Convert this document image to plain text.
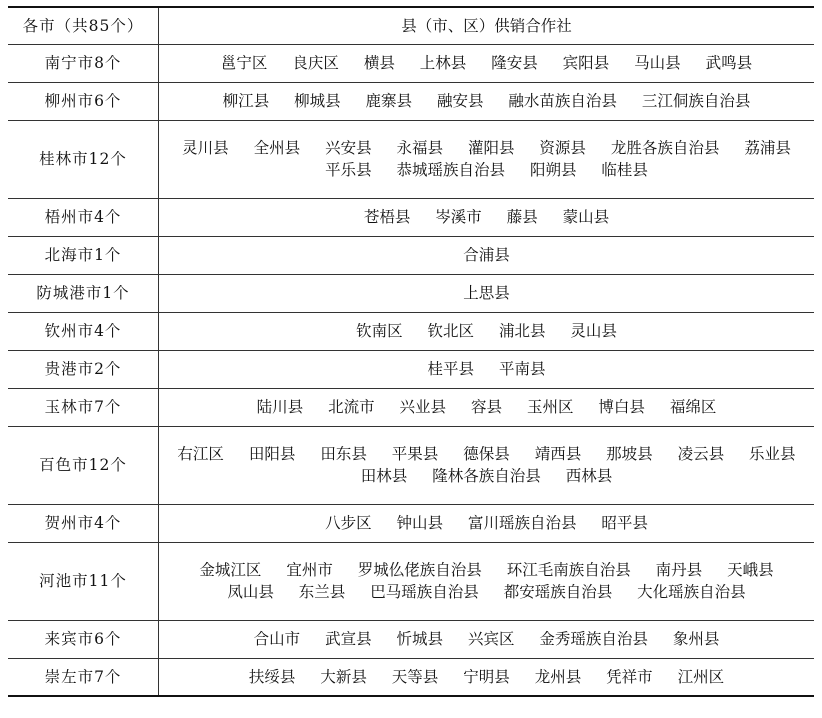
各市（共85个）	县（市、区）供销合作社
南宁市8个	邕宁区 良庆区 横县 上林县 隆安县 宾阳县 马山县 武鸣县
柳州市6个	柳江县 柳城县 鹿寨县 融安县 融水苗族自治县 三江侗族自治县
桂林市12个	灵川县 全州县 兴安县 永福县 灌阳县 资源县 龙胜各族自治县 荔浦县 平乐县 恭城瑶族自治县 阳朔县 临桂县
梧州市4个	苍梧县 岑溪市 藤县 蒙山县
北海市1个	合浦县
防城港市1个	上思县
钦州市4个	钦南区 钦北区 浦北县 灵山县
贵港市2个	桂平县 平南县
玉林市7个	陆川县 北流市 兴业县 容县 玉州区 博白县 福绵区
百色市12个	右江区 田阳县 田东县 平果县 德保县 靖西县 那坡县 凌云县 乐业县 田林县 隆林各族自治县 西林县
贺州市4个	八步区 钟山县 富川瑶族自治县 昭平县
河池市11个	金城江区 宜州市 罗城仫佬族自治县 环江毛南族自治县 南丹县 天峨县 凤山县 东兰县 巴马瑶族自治县 都安瑶族自治县 大化瑶族自治县
来宾市6个	合山市 武宣县 忻城县 兴宾区 金秀瑶族自治县 象州县
崇左市7个	扶绥县 大新县 天等县 宁明县 龙州县 凭祥市 江州区
